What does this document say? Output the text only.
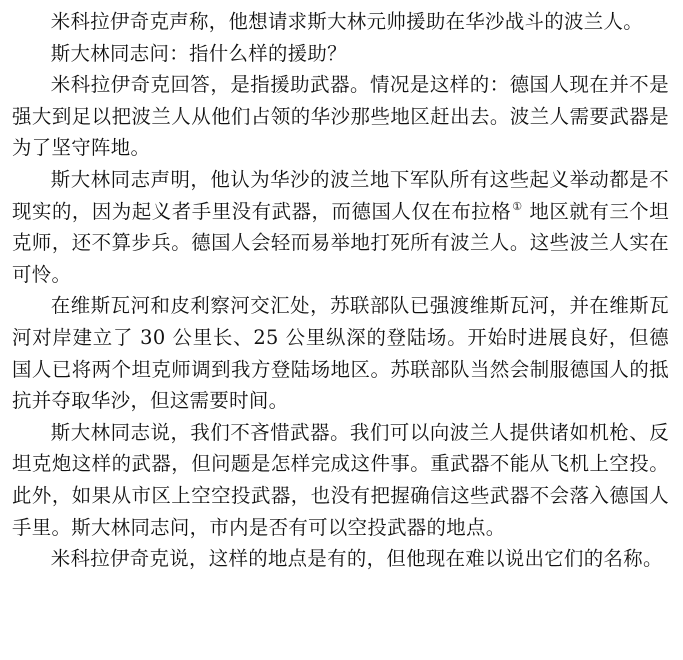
米科拉伊奇克声称，他想请求斯大林元帅援助在华沙战斗的波兰人。

斯大林同志问：指什么样的援助？

米科拉伊奇克回答，是指援助武器。情况是这样的：德国人现在并不是强大到足以把波兰人从他们占领的华沙那些地区赶出去。波兰人需要武器是为了坚守阵地。

斯大林同志声明，他认为华沙的波兰地下军队所有这些起义举动都是不现实的，因为起义者手里没有武器，而德国人仅在布拉格① 地区就有三个坦克师，还不算步兵。德国人会轻而易举地打死所有波兰人。这些波兰人实在可怜。

在维斯瓦河和皮利察河交汇处，苏联部队已强渡维斯瓦河，并在维斯瓦河对岸建立了 30 公里长、25 公里纵深的登陆场。开始时进展良好，但德国人已将两个坦克师调到我方登陆场地区。苏联部队当然会制服德国人的抵抗并夺取华沙，但这需要时间。

斯大林同志说，我们不吝惜武器。我们可以向波兰人提供诸如机枪、反坦克炮这样的武器，但问题是怎样完成这件事。重武器不能从飞机上空投。此外，如果从市区上空空投武器，也没有把握确信这些武器不会落入德国人手里。斯大林同志问，市内是否有可以空投武器的地点。

米科拉伊奇克说，这样的地点是有的，但他现在难以说出它们的名称。
